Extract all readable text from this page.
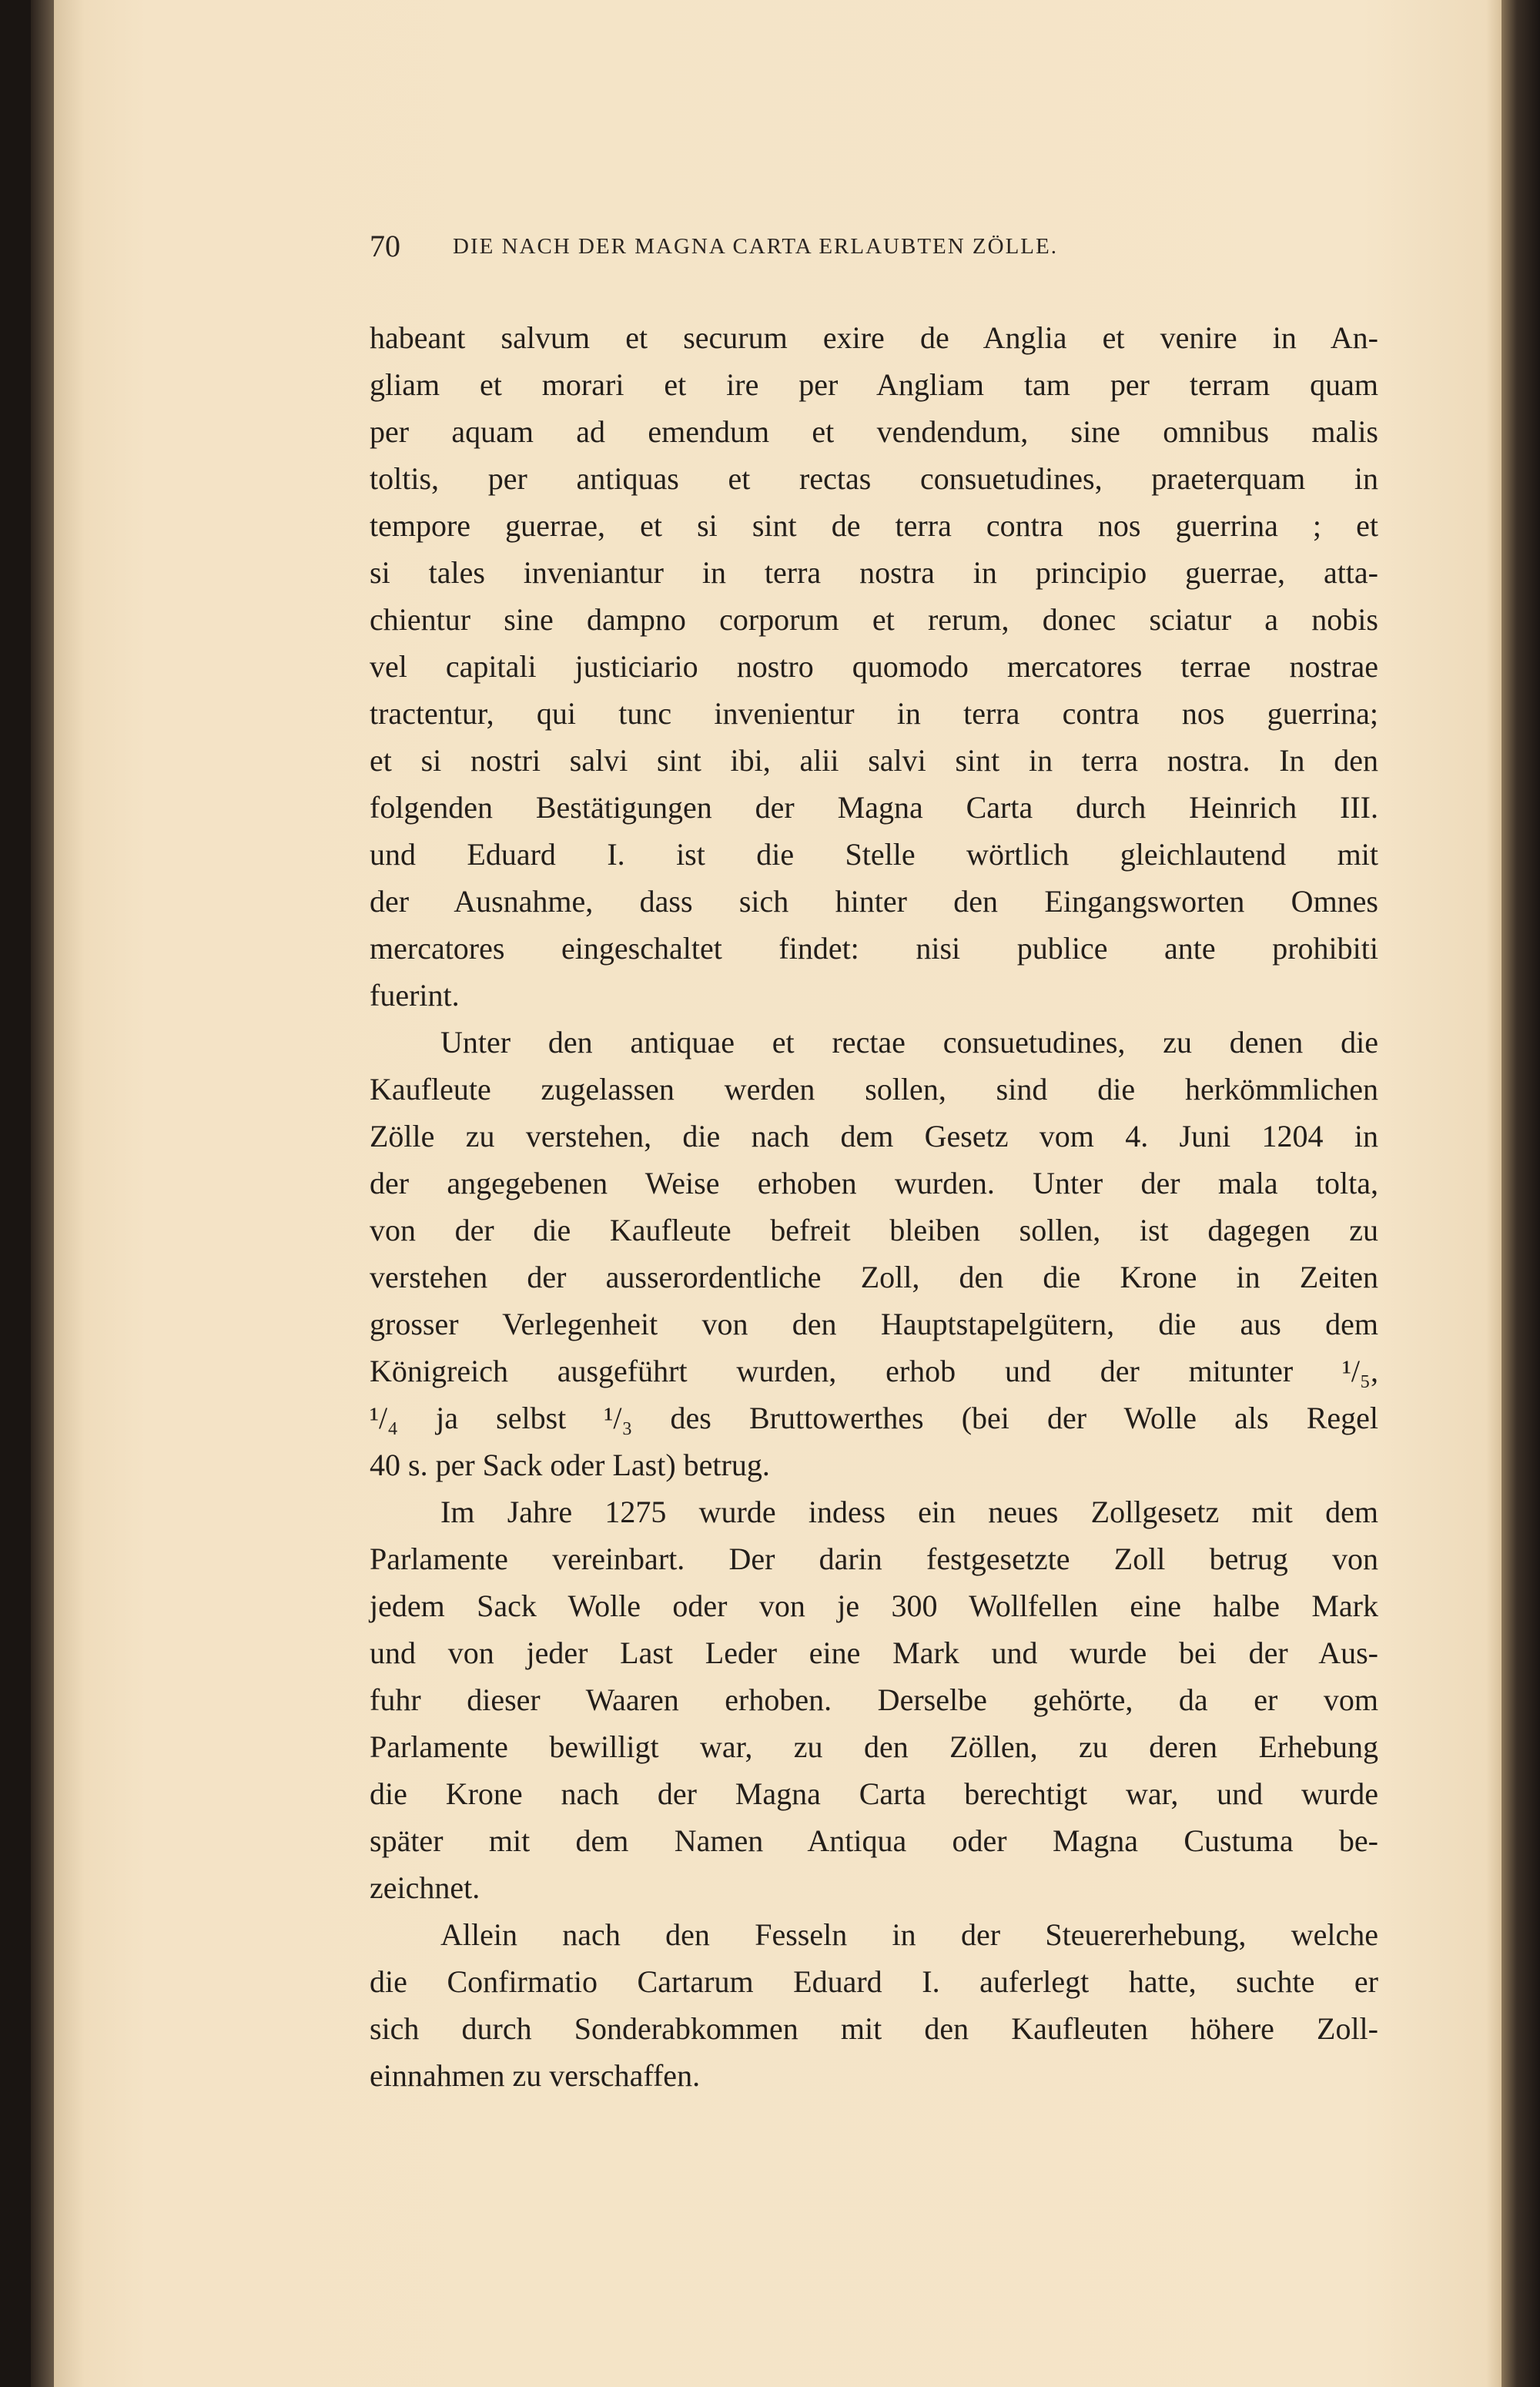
70 DIE NACH DER MAGNA CARTA ERLAUBTEN ZÖLLE.
habeant salvum et securum exire de Anglia et venire in An-
gliam et morari et ire per Angliam tam per terram quam
per aquam ad emendum et vendendum, sine omnibus malis
toltis, per antiquas et rectas consuetudines, praeterquam in
tempore guerrae, et si sint de terra contra nos guerrina ; et
si tales inveniantur in terra nostra in principio guerrae, atta-
chientur sine dampno corporum et rerum, donec sciatur a nobis
vel capitali justiciario nostro quomodo mercatores terrae nostrae
tractentur, qui tunc invenientur in terra contra nos guerrina;
et si nostri salvi sint ibi, alii salvi sint in terra nostra. In den
folgenden Bestätigungen der Magna Carta durch Heinrich III.
und Eduard I. ist die Stelle wörtlich gleichlautend mit
der Ausnahme, dass sich hinter den Eingangsworten Omnes
mercatores eingeschaltet findet: nisi publice ante prohibiti
fuerint.
Unter den antiquae et rectae consuetudines, zu denen die
Kaufleute zugelassen werden sollen, sind die herkömmlichen
Zölle zu verstehen, die nach dem Gesetz vom 4. Juni 1204 in
der angegebenen Weise erhoben wurden. Unter der mala tolta,
von der die Kaufleute befreit bleiben sollen, ist dagegen zu
verstehen der ausserordentliche Zoll, den die Krone in Zeiten
grosser Verlegenheit von den Hauptstapelgütern, die aus dem
Königreich ausgeführt wurden, erhob und der mitunter ¹/₅,
¹/₄ ja selbst ¹/₃ des Bruttowerthes (bei der Wolle als Regel
40 s. per Sack oder Last) betrug.
Im Jahre 1275 wurde indess ein neues Zollgesetz mit dem
Parlamente vereinbart. Der darin festgesetzte Zoll betrug von
jedem Sack Wolle oder von je 300 Wollfellen eine halbe Mark
und von jeder Last Leder eine Mark und wurde bei der Aus-
fuhr dieser Waaren erhoben. Derselbe gehörte, da er vom
Parlamente bewilligt war, zu den Zöllen, zu deren Erhebung
die Krone nach der Magna Carta berechtigt war, und wurde
später mit dem Namen Antiqua oder Magna Custuma be-
zeichnet.
Allein nach den Fesseln in der Steuererhebung, welche
die Confirmatio Cartarum Eduard I. auferlegt hatte, suchte er
sich durch Sonderabkommen mit den Kaufleuten höhere Zoll-
einnahmen zu verschaffen.
